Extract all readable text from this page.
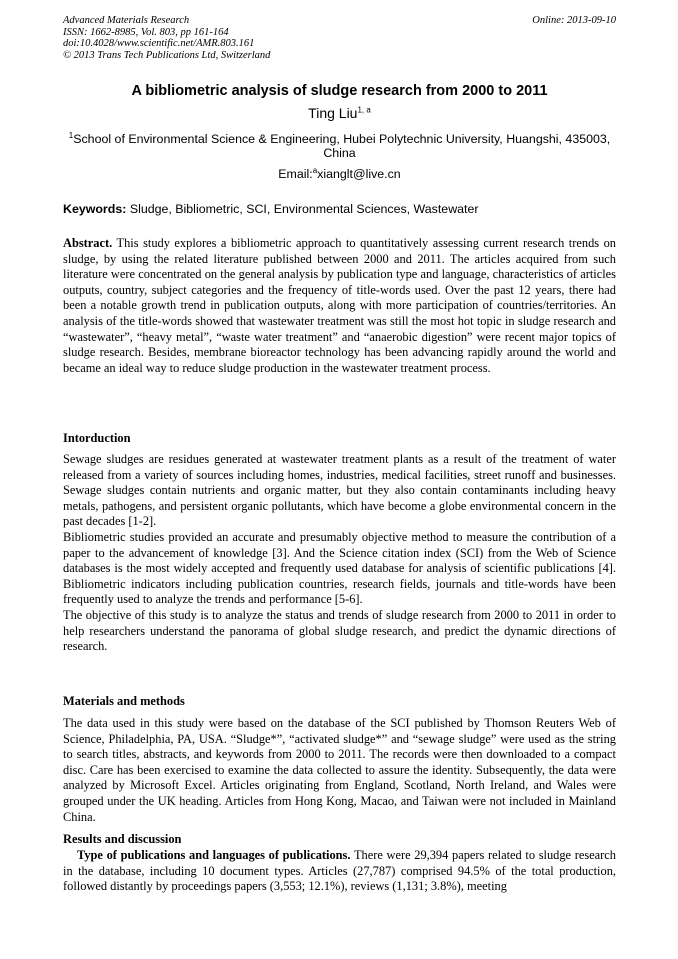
Advanced Materials Research
ISSN: 1662-8985, Vol. 803, pp 161-164
doi:10.4028/www.scientific.net/AMR.803.161
© 2013 Trans Tech Publications Ltd, Switzerland
Online: 2013-09-10
A bibliometric analysis of sludge research from 2000 to 2011
Ting Liu$^{1, a}$
$^1$School of Environmental Science & Engineering, Hubei Polytechnic University, Huangshi, 435003, China
Email:$^a$xianglt@live.cn
Keywords: Sludge, Bibliometric, SCI, Environmental Sciences, Wastewater
Abstract. This study explores a bibliometric approach to quantitatively assessing current research trends on sludge, by using the related literature published between 2000 and 2011. The articles acquired from such literature were concentrated on the general analysis by publication type and language, characteristics of articles outputs, country, subject categories and the frequency of title-words used. Over the past 12 years, there had been a notable growth trend in publication outputs, along with more participation of countries/territories. An analysis of the title-words showed that wastewater treatment was still the most hot topic in sludge research and “wastewater”, “heavy metal”, “waste water treatment” and “anaerobic digestion” were recent major topics of sludge research. Besides, membrane bioreactor technology has been advancing rapidly around the world and became an ideal way to reduce sludge production in the wastewater treatment process.
Intorduction
Sewage sludges are residues generated at wastewater treatment plants as a result of the treatment of water released from a variety of sources including homes, industries, medical facilities, street runoff and businesses. Sewage sludges contain nutrients and organic matter, but they also contain contaminants including heavy metals, pathogens, and persistent organic pollutants, which have become a globe environmental concern in the past decades [1-2].
Bibliometric studies provided an accurate and presumably objective method to measure the contribution of a paper to the advancement of knowledge [3]. And the Science citation index (SCI) from the Web of Science databases is the most widely accepted and frequently used database for analysis of scientific publications [4]. Bibliometric indicators including publication countries, research fields, journals and title-words have been frequently used to analyze the trends and performance [5-6].
The objective of this study is to analyze the status and trends of sludge research from 2000 to 2011 in order to help researchers understand the panorama of global sludge research, and predict the dynamic directions of research.
Materials and methods
The data used in this study were based on the database of the SCI published by Thomson Reuters Web of Science, Philadelphia, PA, USA. “Sludge*”, “activated sludge*” and “sewage sludge” were used as the string to search titles, abstracts, and keywords from 2000 to 2011. The records were then downloaded to a compact disc. Care has been exercised to examine the data collected to assure the identity. Subsequently, the data were analyzed by Microsoft Excel. Articles originating from England, Scotland, North Ireland, and Wales were grouped under the UK heading. Articles from Hong Kong, Macao, and Taiwan were not included in Mainland China.
Results and discussion
Type of publications and languages of publications. There were 29,394 papers related to sludge research in the database, including 10 document types. Articles (27,787) comprised 94.5% of the total production, followed distantly by proceedings papers (3,553; 12.1%), reviews (1,131; 3.8%), meeting
